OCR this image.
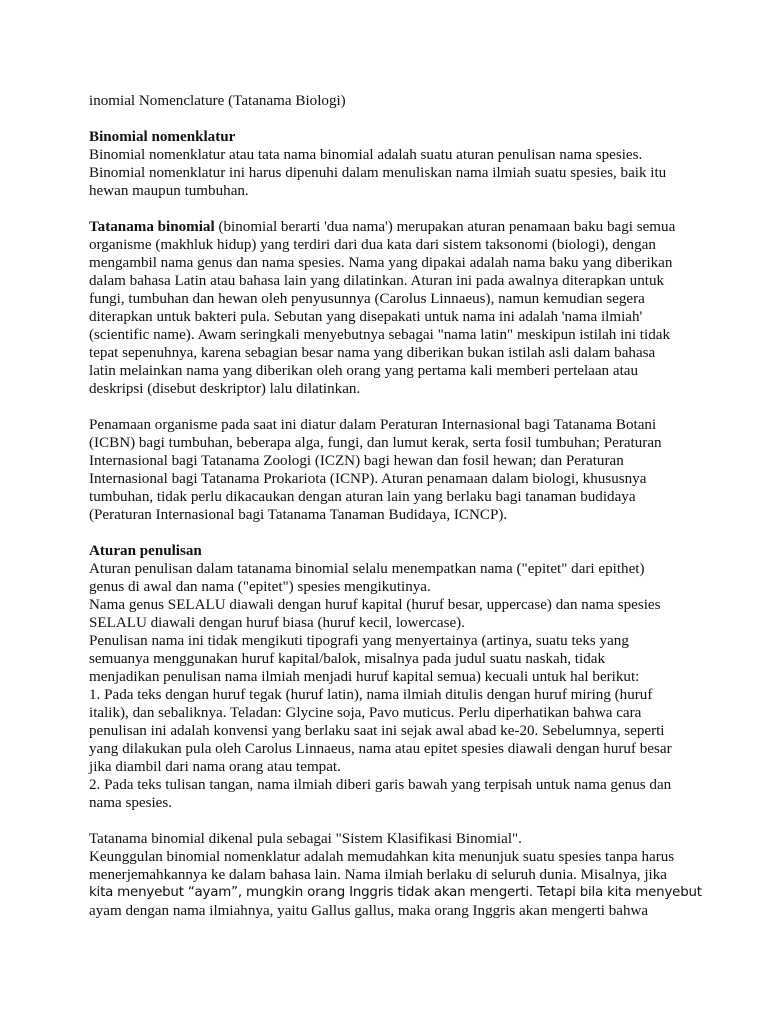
inomial Nomenclature (Tatanama Biologi)

Binomial nomenklatur

Binomial nomenklatur atau tata nama binomial adalah suatu aturan penulisan nama spesies.

Binomial nomenklatur ini harus dipenuhi dalam menuliskan nama ilmiah suatu spesies, baik itu

hewan maupun tumbuhan.

Tatanama binomial (binomial berarti 'dua nama') merupakan aturan penamaan baku bagi semua

organisme (makhluk hidup) yang terdiri dari dua kata dari sistem taksonomi (biologi), dengan

mengambil nama genus dan nama spesies. Nama yang dipakai adalah nama baku yang diberikan

dalam bahasa Latin atau bahasa lain yang dilatinkan. Aturan ini pada awalnya diterapkan untuk

fungi, tumbuhan dan hewan oleh penyusunnya (Carolus Linnaeus), namun kemudian segera

diterapkan untuk bakteri pula. Sebutan yang disepakati untuk nama ini adalah 'nama ilmiah'

(scientific name). Awam seringkali menyebutnya sebagai "nama latin" meskipun istilah ini tidak

tepat sepenuhnya, karena sebagian besar nama yang diberikan bukan istilah asli dalam bahasa

latin melainkan nama yang diberikan oleh orang yang pertama kali memberi pertelaan atau

deskripsi (disebut deskriptor) lalu dilatinkan.

Penamaan organisme pada saat ini diatur dalam Peraturan Internasional bagi Tatanama Botani

(ICBN) bagi tumbuhan, beberapa alga, fungi, dan lumut kerak, serta fosil tumbuhan; Peraturan

Internasional bagi Tatanama Zoologi (ICZN) bagi hewan dan fosil hewan; dan Peraturan

Internasional bagi Tatanama Prokariota (ICNP). Aturan penamaan dalam biologi, khususnya

tumbuhan, tidak perlu dikacaukan dengan aturan lain yang berlaku bagi tanaman budidaya

(Peraturan Internasional bagi Tatanama Tanaman Budidaya, ICNCP).

Aturan penulisan

Aturan penulisan dalam tatanama binomial selalu menempatkan nama ("epitet" dari epithet)

genus di awal dan nama ("epitet") spesies mengikutinya.

Nama genus SELALU diawali dengan huruf kapital (huruf besar, uppercase) dan nama spesies

SELALU diawali dengan huruf biasa (huruf kecil, lowercase).

Penulisan nama ini tidak mengikuti tipografi yang menyertainya (artinya, suatu teks yang

semuanya menggunakan huruf kapital/balok, misalnya pada judul suatu naskah, tidak

menjadikan penulisan nama ilmiah menjadi huruf kapital semua) kecuali untuk hal berikut:

1. Pada teks dengan huruf tegak (huruf latin), nama ilmiah ditulis dengan huruf miring (huruf

italik), dan sebaliknya. Teladan: Glycine soja, Pavo muticus. Perlu diperhatikan bahwa cara

penulisan ini adalah konvensi yang berlaku saat ini sejak awal abad ke-20. Sebelumnya, seperti

yang dilakukan pula oleh Carolus Linnaeus, nama atau epitet spesies diawali dengan huruf besar

jika diambil dari nama orang atau tempat.

2. Pada teks tulisan tangan, nama ilmiah diberi garis bawah yang terpisah untuk nama genus dan

nama spesies.

Tatanama binomial dikenal pula sebagai "Sistem Klasifikasi Binomial".

Keunggulan binomial nomenklatur adalah memudahkan kita menunjuk suatu spesies tanpa harus

menerjemahkannya ke dalam bahasa lain. Nama ilmiah berlaku di seluruh dunia. Misalnya, jika

kita menyebut “ayam”, mungkin orang Inggris tidak akan mengerti. Tetapi bila kita menyebut

ayam dengan nama ilmiahnya, yaitu Gallus gallus, maka orang Inggris akan mengerti bahwa
